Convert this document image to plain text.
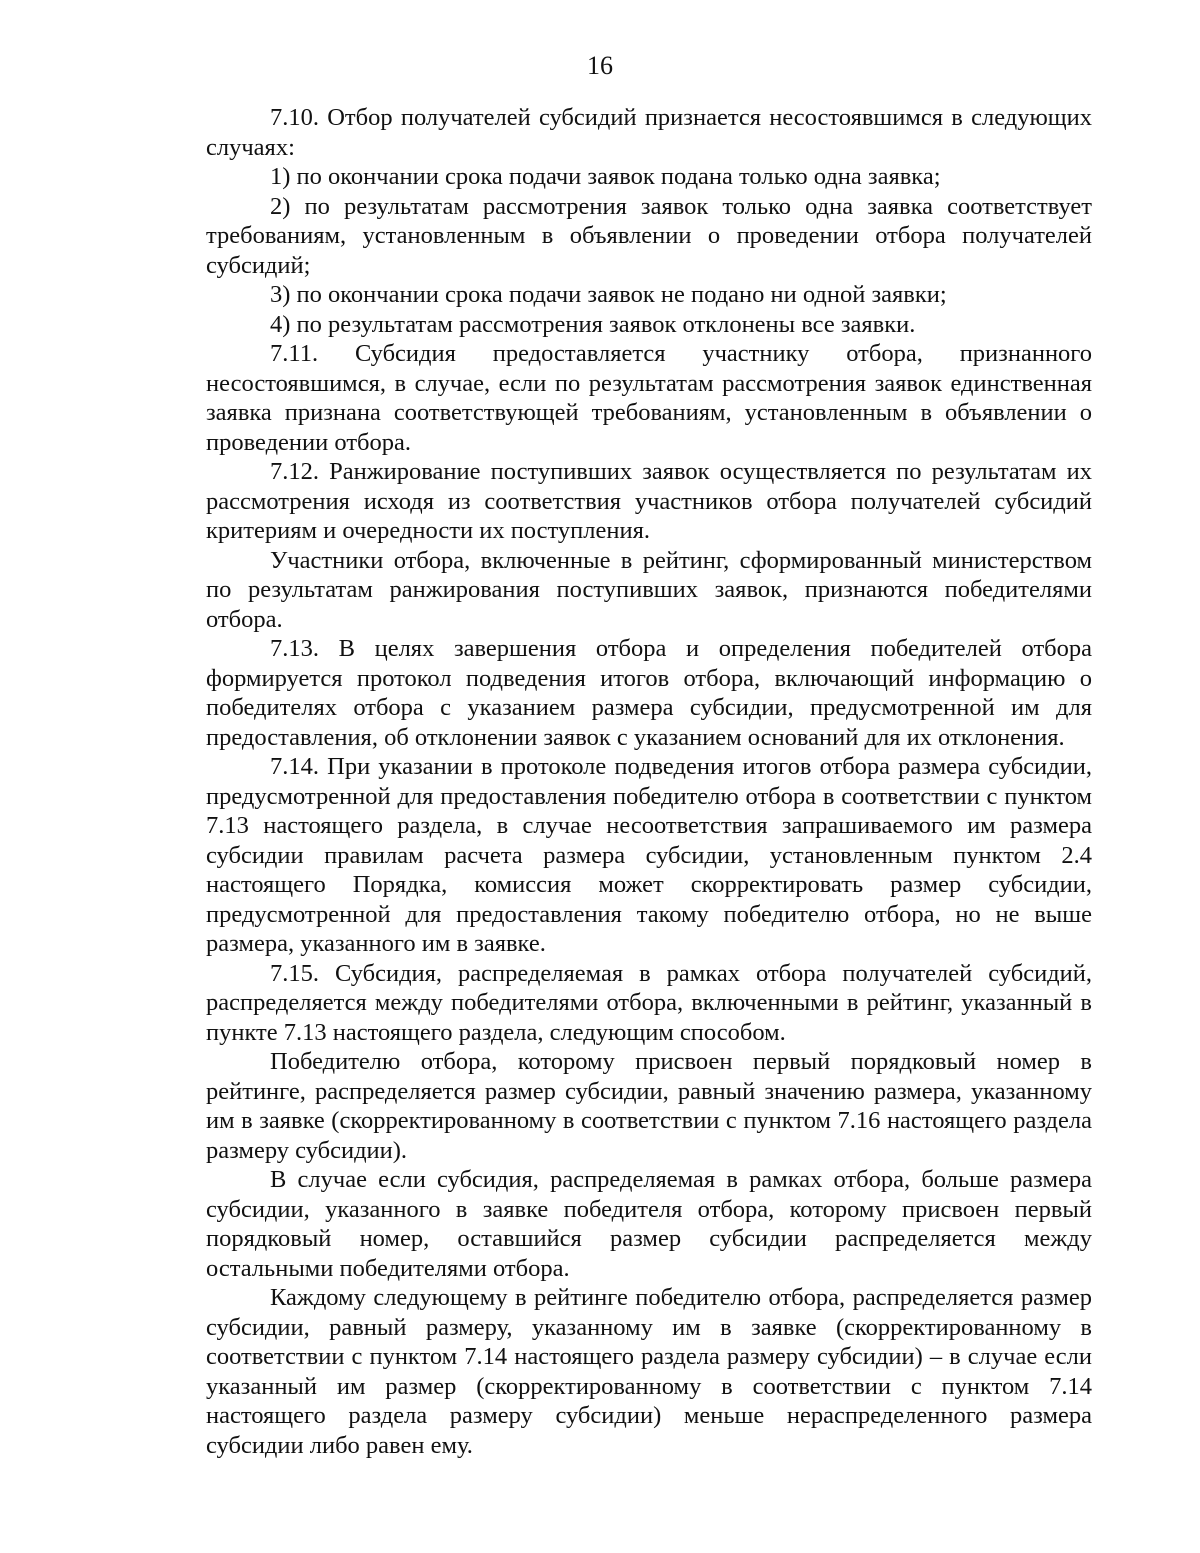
16

7.10. Отбор получателей субсидий признается несостоявшимся в следующих случаях:

1) по окончании срока подачи заявок подана только одна заявка;

2) по результатам рассмотрения заявок только одна заявка соответствует требованиям, установленным в объявлении о проведении отбора получателей субсидий;

3) по окончании срока подачи заявок не подано ни одной заявки;

4) по результатам рассмотрения заявок отклонены все заявки.

7.11. Субсидия предоставляется участнику отбора, признанного несостоявшимся, в случае, если по результатам рассмотрения заявок единственная заявка признана соответствующей требованиям, установленным в объявлении о проведении отбора.

7.12. Ранжирование поступивших заявок осуществляется по результатам их рассмотрения исходя из соответствия участников отбора получателей субсидий критериям и очередности их поступления.

Участники отбора, включенные в рейтинг, сформированный министерством по результатам ранжирования поступивших заявок, признаются победителями отбора.

7.13. В целях завершения отбора и определения победителей отбора формируется протокол подведения итогов отбора, включающий информацию о победителях отбора с указанием размера субсидии, предусмотренной им для предоставления, об отклонении заявок с указанием оснований для их отклонения.

7.14. При указании в протоколе подведения итогов отбора размера субсидии, предусмотренной для предоставления победителю отбора в соответствии с пунктом 7.13 настоящего раздела, в случае несоответствия запрашиваемого им размера субсидии правилам расчета размера субсидии, установленным пунктом 2.4 настоящего Порядка, комиссия может скорректировать размер субсидии, предусмотренной для предоставления такому победителю отбора, но не выше размера, указанного им в заявке.

7.15. Субсидия, распределяемая в рамках отбора получателей субсидий, распределяется между победителями отбора, включенными в рейтинг, указанный в пункте 7.13 настоящего раздела, следующим способом.

Победителю отбора, которому присвоен первый порядковый номер в рейтинге, распределяется размер субсидии, равный значению размера, указанному им в заявке (скорректированному в соответствии с пунктом 7.16 настоящего раздела размеру субсидии).

В случае если субсидия, распределяемая в рамках отбора, больше размера субсидии, указанного в заявке победителя отбора, которому присвоен первый порядковый номер, оставшийся размер субсидии распределяется между остальными победителями отбора.

Каждому следующему в рейтинге победителю отбора, распределяется размер субсидии, равный размеру, указанному им в заявке (скорректированному в соответствии с пунктом 7.14 настоящего раздела размеру субсидии) – в случае если указанный им размер (скорректированному в соответствии с пунктом 7.14 настоящего раздела размеру субсидии) меньше нераспределенного размера субсидии либо равен ему.
